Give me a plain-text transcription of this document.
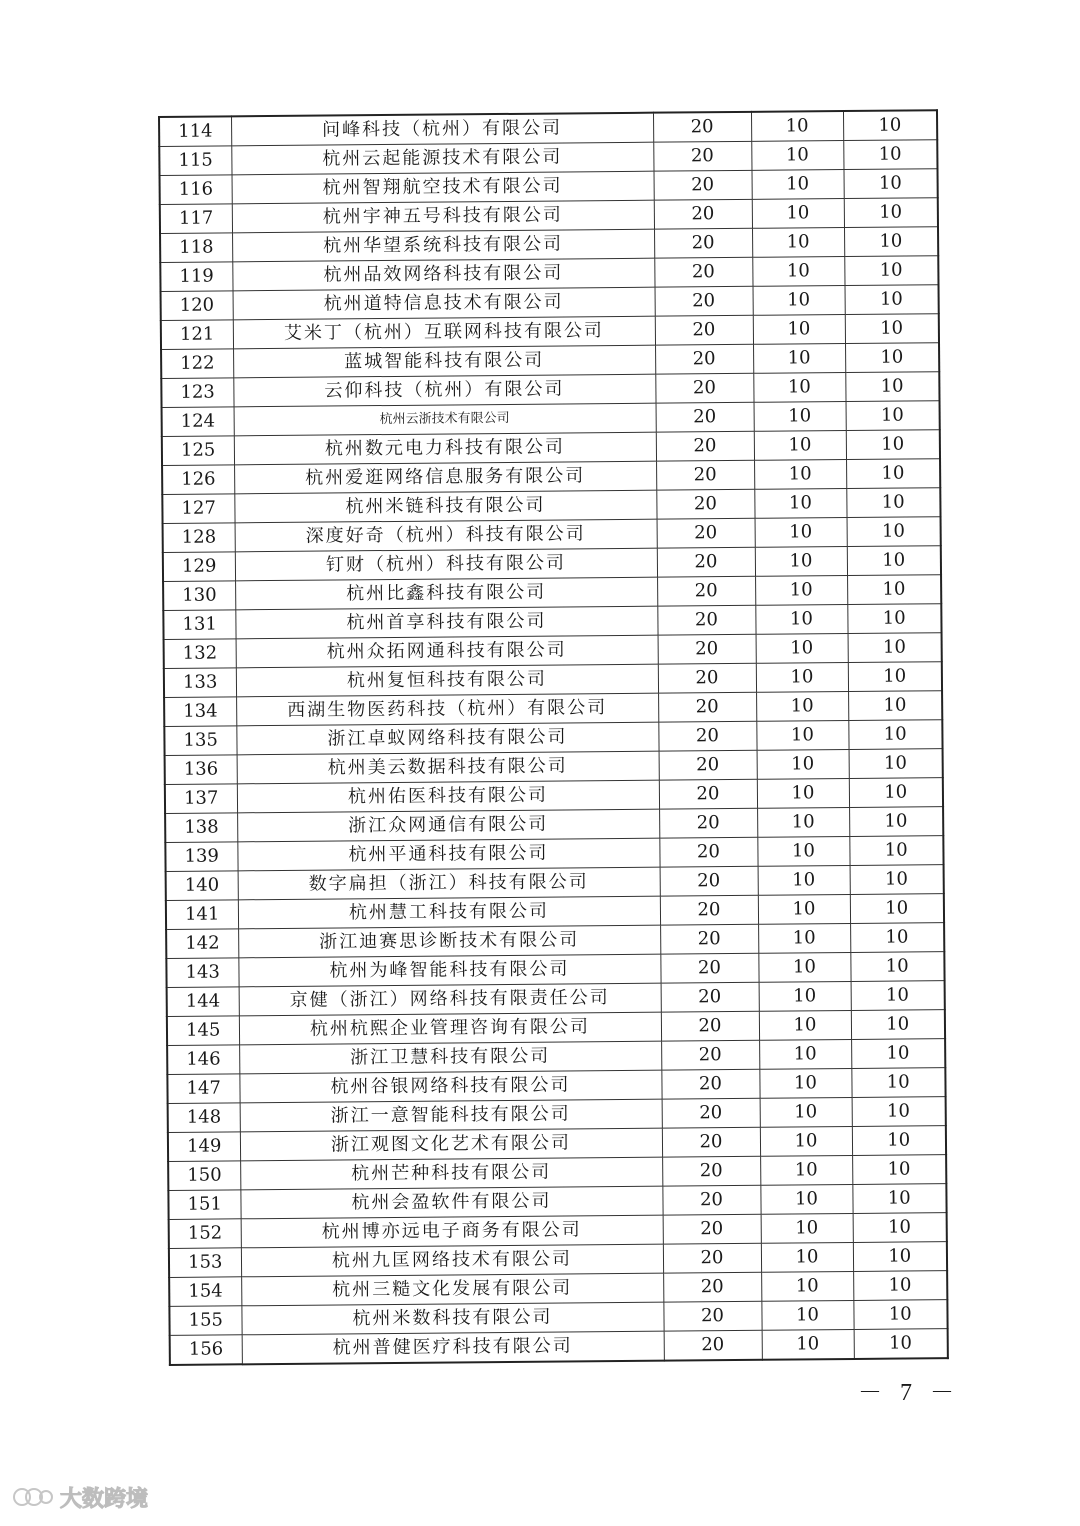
114	问峰科技（杭州）有限公司	20	10	10
115	杭州云起能源技术有限公司	20	10	10
116	杭州智翔航空技术有限公司	20	10	10
117	杭州宇神五号科技有限公司	20	10	10
118	杭州华望系统科技有限公司	20	10	10
119	杭州品效网络科技有限公司	20	10	10
120	杭州道特信息技术有限公司	20	10	10
121	艾米丁（杭州）互联网科技有限公司	20	10	10
122	蓝城智能科技有限公司	20	10	10
123	云仰科技（杭州）有限公司	20	10	10
124	杭州云浙技术有限公司	20	10	10
125	杭州数元电力科技有限公司	20	10	10
126	杭州爱逛网络信息服务有限公司	20	10	10
127	杭州米链科技有限公司	20	10	10
128	深度好奇（杭州）科技有限公司	20	10	10
129	钉财（杭州）科技有限公司	20	10	10
130	杭州比鑫科技有限公司	20	10	10
131	杭州首享科技有限公司	20	10	10
132	杭州众拓网通科技有限公司	20	10	10
133	杭州复恒科技有限公司	20	10	10
134	西湖生物医药科技（杭州）有限公司	20	10	10
135	浙江卓蚁网络科技有限公司	20	10	10
136	杭州美云数据科技有限公司	20	10	10
137	杭州佑医科技有限公司	20	10	10
138	浙江众网通信有限公司	20	10	10
139	杭州平通科技有限公司	20	10	10
140	数字扁担（浙江）科技有限公司	20	10	10
141	杭州慧工科技有限公司	20	10	10
142	浙江迪赛思诊断技术有限公司	20	10	10
143	杭州为峰智能科技有限公司	20	10	10
144	京健（浙江）网络科技有限责任公司	20	10	10
145	杭州杭熙企业管理咨询有限公司	20	10	10
146	浙江卫慧科技有限公司	20	10	10
147	杭州谷银网络科技有限公司	20	10	10
148	浙江一意智能科技有限公司	20	10	10
149	浙江观图文化艺术有限公司	20	10	10
150	杭州芒种科技有限公司	20	10	10
151	杭州会盈软件有限公司	20	10	10
152	杭州博亦远电子商务有限公司	20	10	10
153	杭州九匡网络技术有限公司	20	10	10
154	杭州三糙文化发展有限公司	20	10	10
155	杭州米数科技有限公司	20	10	10
156	杭州普健医疗科技有限公司	20	10	10
－ 7 －
大数跨境
